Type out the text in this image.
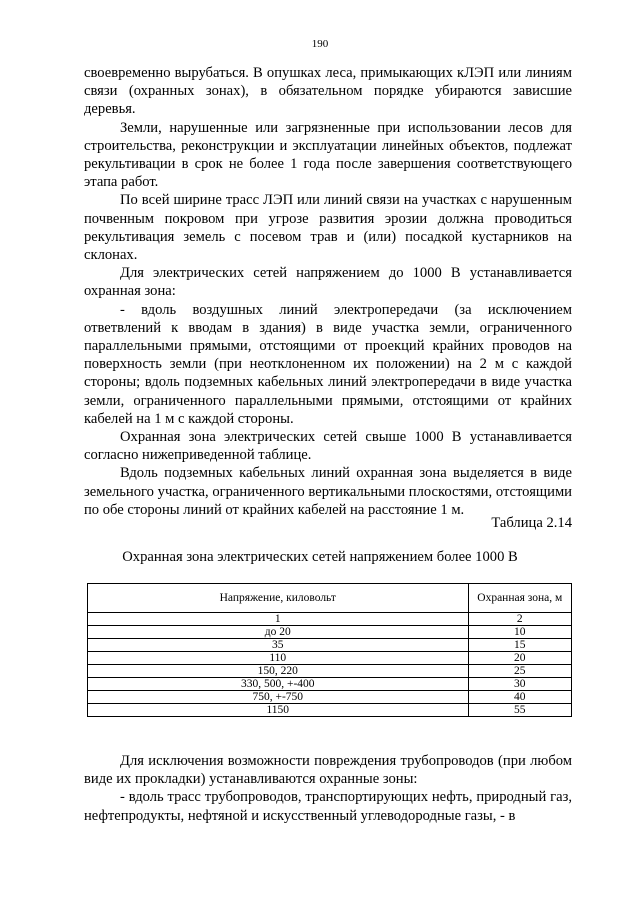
190

своевременно вырубаться. В опушках леса, примыкающих кЛЭП или линиям связи (охранных зонах), в обязательном порядке убираются зависшие деревья.

Земли, нарушенные или загрязненные при использовании лесов для строительства, реконструкции и эксплуатации линейных объектов, подлежат рекультивации в срок не более 1 года после завершения соответствующего этапа работ.

По всей ширине трасс ЛЭП или линий связи на участках с нарушенным почвенным покровом при угрозе развития эрозии должна проводиться рекультивация земель с посевом трав и (или) посадкой кустарников на склонах.

Для электрических сетей напряжением до 1000 В устанавливается охранная зона:

- вдоль воздушных линий электропередачи (за исключением ответвлений к вводам в здания) в виде участка земли, ограниченного параллельными прямыми, отстоящими от проекций крайних проводов на поверхность земли (при неотклоненном их положении) на 2 м с каждой стороны; вдоль подземных кабельных линий электропередачи в виде участка земли, ограниченного параллельными прямыми, отстоящими от крайних кабелей на 1 м с каждой стороны.

Охранная зона электрических сетей свыше 1000 В устанавливается согласно нижеприведенной таблице.

Вдоль подземных кабельных линий охранная зона выделяется в виде земельного участка, ограниченного вертикальными плоскостями, отстоящими по обе стороны линий от крайних кабелей на расстояние 1 м.

Таблица 2.14
Охранная зона электрических сетей напряжением более 1000 В
Напряжение, киловольт	Охранная зона, м
1	2
до 20	10
35	15
110	20
150, 220	25
330, 500, +-400	30
750, +-750	40
1150	55

Для исключения возможности повреждения трубопроводов (при любом виде их прокладки) устанавливаются охранные зоны:

- вдоль трасс трубопроводов, транспортирующих нефть, природный газ, нефтепродукты, нефтяной и искусственный углеводородные газы, - в
